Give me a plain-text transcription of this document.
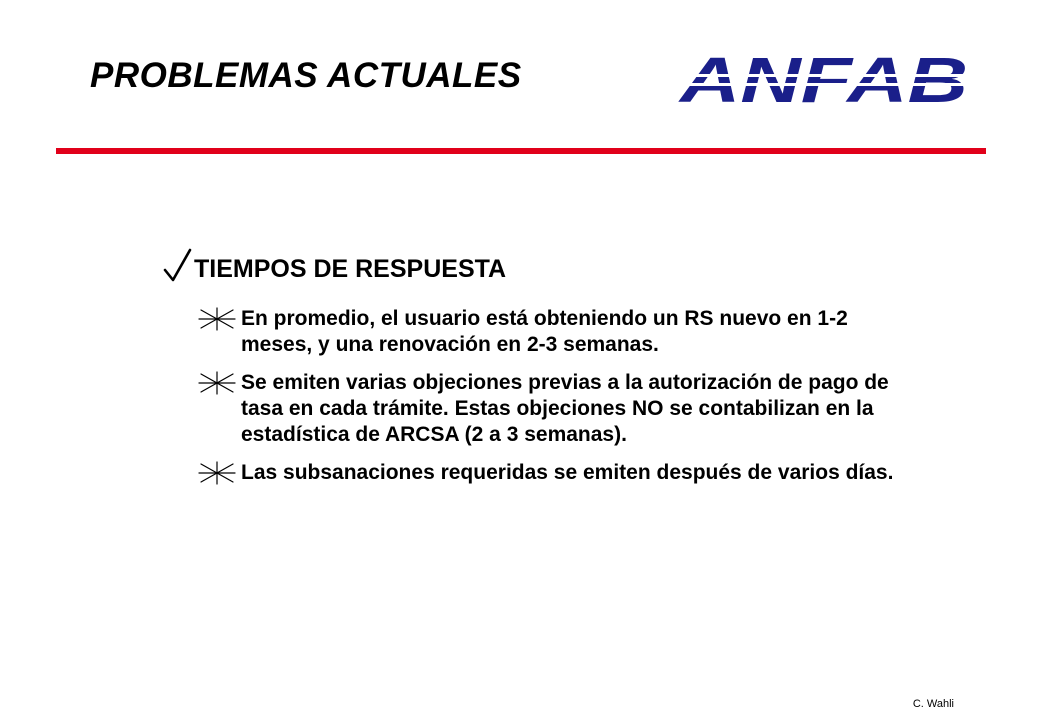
PROBLEMAS ACTUALES
TIEMPOS DE RESPUESTA
En promedio, el usuario está obteniendo un RS nuevo en 1-2 meses, y una renovación en 2-3 semanas.
Se emiten varias objeciones previas a la autorización de pago de tasa en cada trámite. Estas objeciones NO se contabilizan en la estadística de ARCSA (2 a 3 semanas).
Las subsanaciones requeridas se emiten después de varios días.
C. Wahli
